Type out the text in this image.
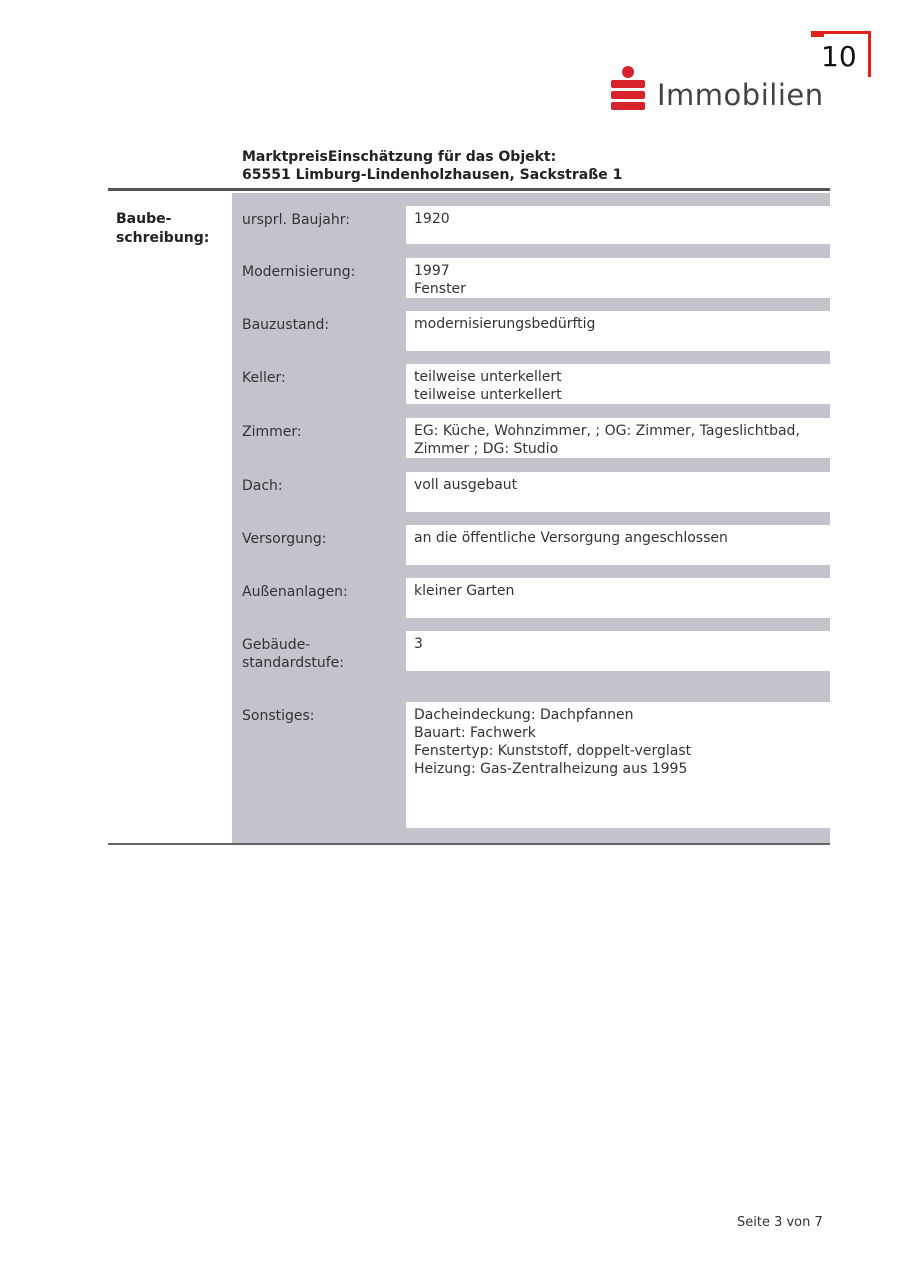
10
Immobilien
MarktpreisEinschätzung für das Objekt:
65551 Limburg-Lindenholzhausen, Sackstraße 1
Baube-
schreibung:
ursprl. Baujahr:	1920
Modernisierung:	1997
Fenster
Bauzustand:	modernisierungsbedürftig
Keller:	teilweise unterkellert
teilweise unterkellert
Zimmer:	EG: Küche, Wohnzimmer, ; OG: Zimmer, Tageslichtbad,
Zimmer ; DG: Studio
Dach:	voll ausgebaut
Versorgung:	an die öffentliche Versorgung angeschlossen
Außenanlagen:	kleiner Garten
Gebäude-
standardstufe:
3
Sonstiges:	Dacheindeckung: Dachpfannen
Bauart: Fachwerk
Fenstertyp: Kunststoff, doppelt-verglast
Heizung: Gas-Zentralheizung aus 1995
Seite 3 von 7
